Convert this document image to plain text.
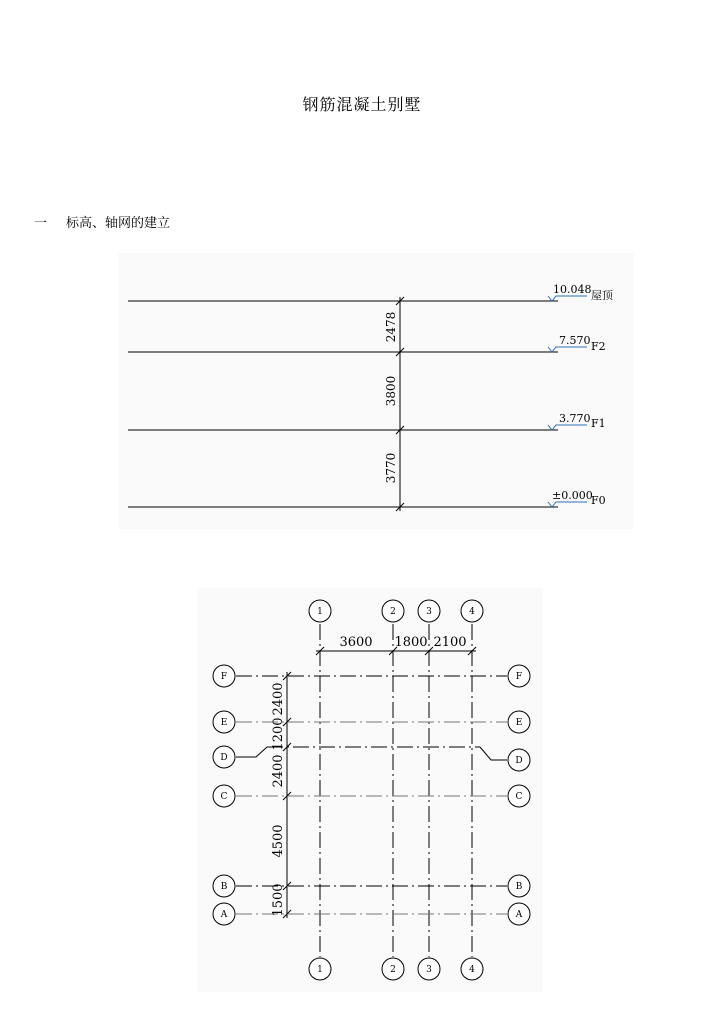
钢筋混凝土别墅
一 标高、轴网的建立
2478
3800
3770
10.048
7.570
3.770
±0.000
屋顶
F2
F1
F0
3600 1800 2100
2400
1200
2400
4500
1500
1	2	3	4
1	2	3	4
F
E
D
C
B
A
F
E
D
C
B
A
